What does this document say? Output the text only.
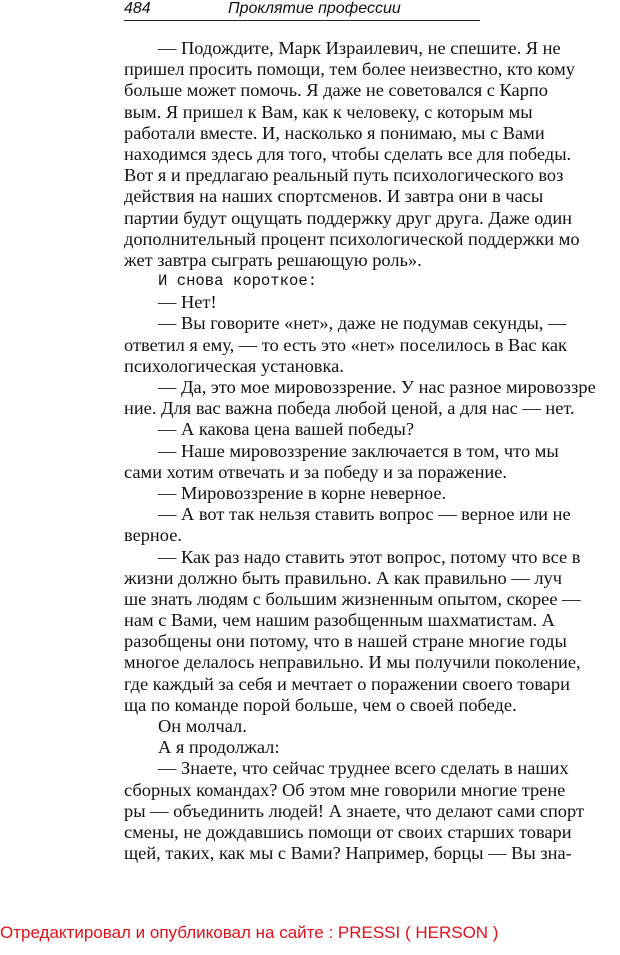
484	Проклятие профессии
— Подождите, Марк Израилевич, не спешите. Я не
пришел просить помощи, тем более неизвестно, кто кому
больше может помочь. Я даже не советовался с Карпо
вым. Я пришел к Вам, как к человеку, с которым мы
работали вместе. И, насколько я понимаю, мы с Вами
находимся здесь для того, чтобы сделать все для победы.
Вот я и предлагаю реальный путь психологического воз
действия на наших спортсменов. И завтра они в часы
партии будут ощущать поддержку друг друга. Даже один
дополнительный процент психологической поддержки мо
жет завтра сыграть решающую роль».
И снова короткое:
— Нет!
— Вы говорите «нет», даже не подумав секунды, —
ответил я ему, — то есть это «нет» поселилось в Вас как
психологическая установка.
— Да, это мое мировоззрение. У нас разное мировоззре
ние. Для вас важна победа любой ценой, а для нас — нет.
— А какова цена вашей победы?
— Наше мировоззрение заключается в том, что мы
сами хотим отвечать и за победу и за поражение.
— Мировоззрение в корне неверное.
— А вот так нельзя ставить вопрос — верное или не
верное.
— Как раз надо ставить этот вопрос, потому что все в
жизни должно быть правильно. А как правильно — луч
ше знать людям с большим жизненным опытом, скорее —
нам с Вами, чем нашим разобщенным шахматистам. А
разобщены они потому, что в нашей стране многие годы
многое делалось неправильно. И мы получили поколение,
где каждый за себя и мечтает о поражении своего товари
ща по команде порой больше, чем о своей победе.
Он молчал.
А я продолжал:
— Знаете, что сейчас труднее всего сделать в наших
сборных командах? Об этом мне говорили многие трене
ры — объединить людей! А знаете, что делают сами спорт
смены, не дождавшись помощи от своих старших товари
щей, таких, как мы с Вами? Например, борцы — Вы зна-
Отредактировал и опубликовал на сайте : PRESSI ( HERSON )
